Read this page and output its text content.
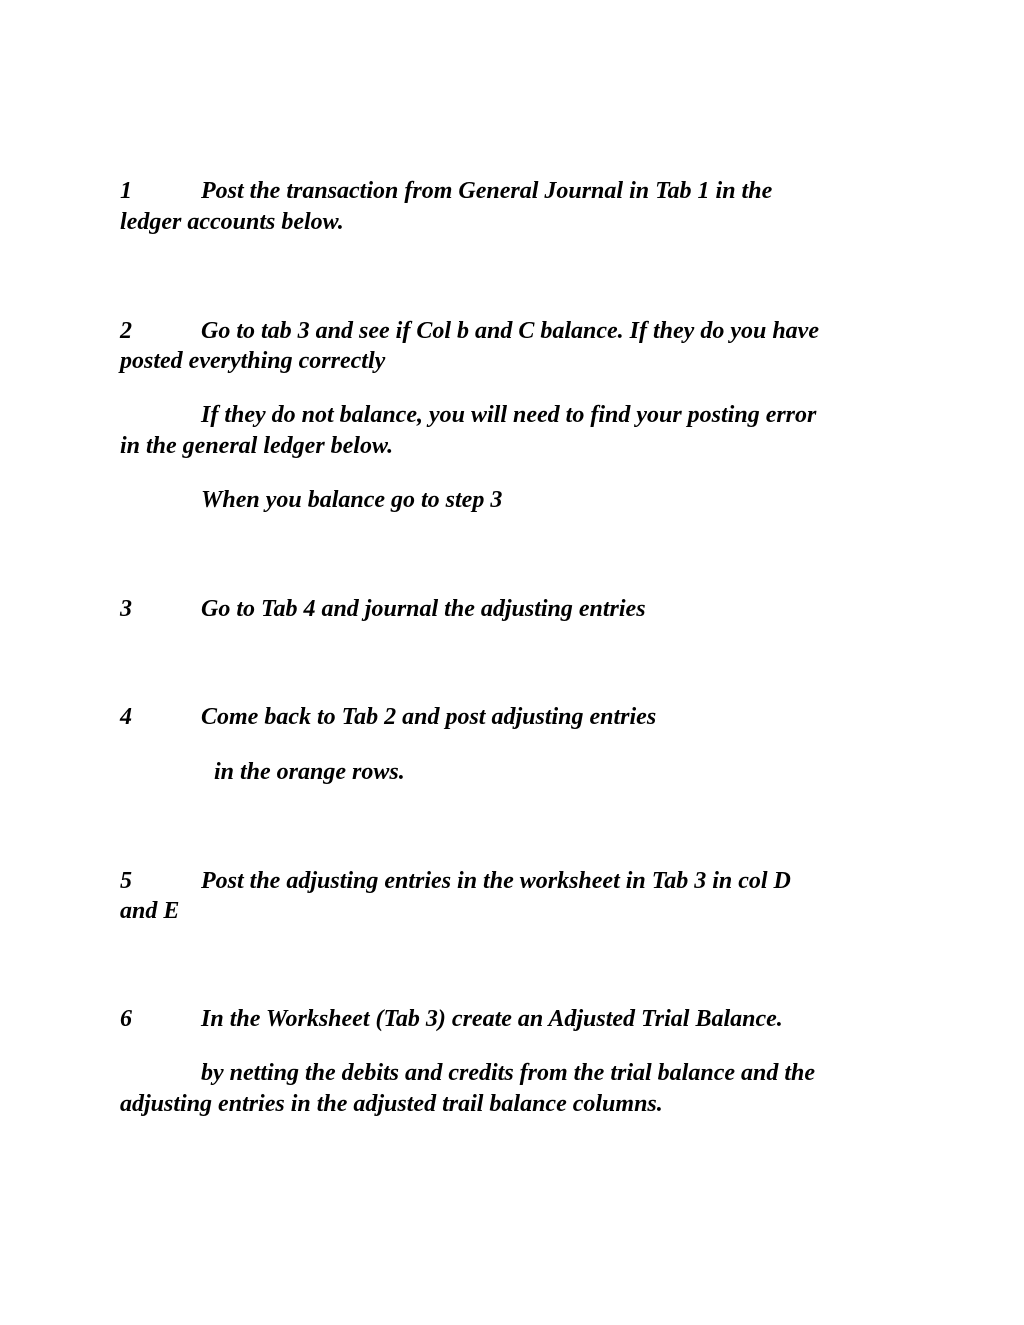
1	Post the transaction from General Journal in Tab 1 in the
ledger accounts below.
2	Go to tab 3 and see if Col b and C balance. If they do you have
posted everything correctly
If they do not balance, you will need to find your posting error
in the general ledger below.
When you balance go to step 3
3	Go to Tab 4 and journal the adjusting entries
4	Come back to Tab 2 and post adjusting entries
in the orange rows.
5	Post the adjusting entries in the worksheet in Tab 3 in col D
and E
6	In the Worksheet (Tab 3) create an Adjusted Trial Balance.
by netting the debits and credits from the trial balance and the
adjusting entries in the adjusted trail balance columns.
